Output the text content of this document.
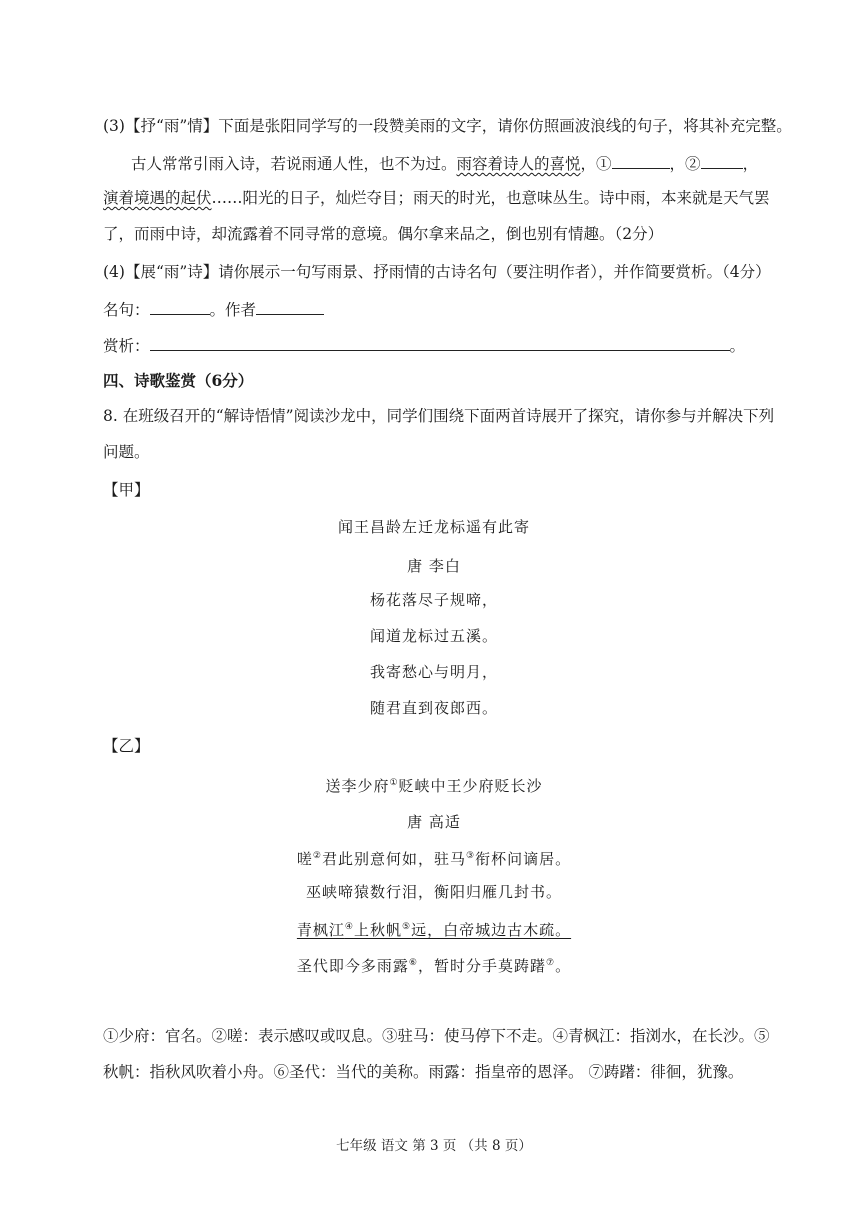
(3)【抒“雨”情】下面是张阳同学写的一段赞美雨的文字，请你仿照画波浪线的句子，将其补充完整。
古人常常引雨入诗，若说雨通人性，也不为过。雨容着诗人的喜悦，①	，②	，
演着境遇的起伏……阳光的日子，灿烂夺目；雨天的时光，也意味丛生。诗中雨，本来就是天气罢
了，而雨中诗，却流露着不同寻常的意境。偶尔拿来品之，倒也别有情趣。（2分）
(4)【展“雨”诗】请你展示一句写雨景、抒雨情的古诗名句（要注明作者），并作简要赏析。（4分）
名句：	。作者
赏析：	。
四、诗歌鉴赏（6分）
8. 在班级召开的“解诗悟情”阅读沙龙中，同学们围绕下面两首诗展开了探究，请你参与并解决下列
问题。
【甲】
闻王昌龄左迁龙标遥有此寄
唐 李白
杨花落尽子规啼，
闻道龙标过五溪。
我寄愁心与明月，
随君直到夜郎西。
【乙】
送李少府①贬峡中王少府贬长沙
唐 高适
嗟②君此别意何如，驻马③衔杯问谪居。
巫峡啼猿数行泪，衡阳归雁几封书。
青枫江④上秋帆⑤远，白帝城边古木疏。
圣代即今多雨露⑥，暂时分手莫踌躇⑦。
①少府：官名。②嗟：表示感叹或叹息。③驻马：使马停下不走。④青枫江：指浏水，在长沙。⑤
秋帆：指秋风吹着小舟。⑥圣代：当代的美称。雨露：指皇帝的恩泽。 ⑦踌躇：徘徊，犹豫。
七年级 语文 第 3 页 （共 8 页）
